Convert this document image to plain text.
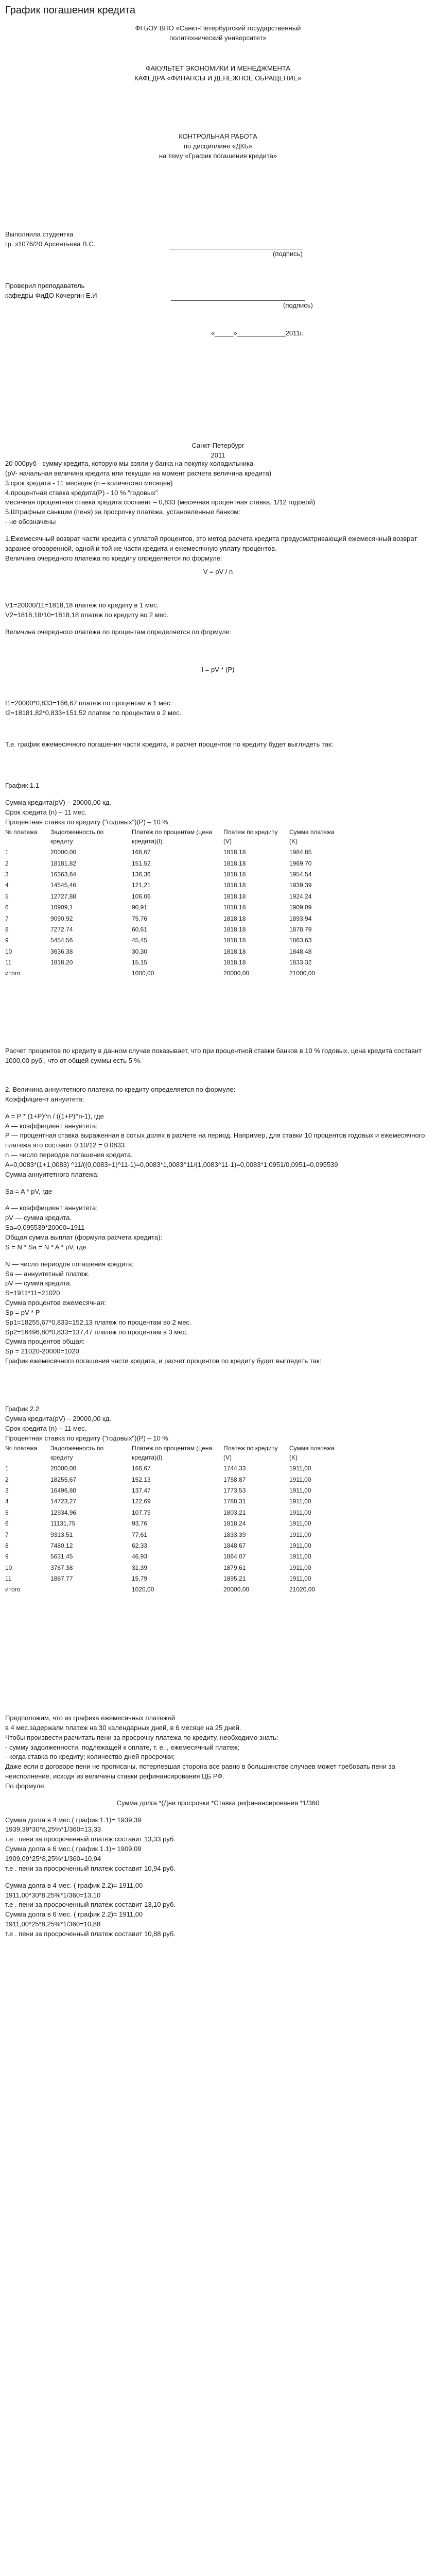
График погашения кредита

ФГБОУ ВПО «Санкт-Петербургский государственный политехнический университет»

ФАКУЛЬТЕТ ЭКОНОМИКИ И МЕНЕДЖМЕНТА

КАФЕДРА «ФИНАНСЫ И ДЕНЕЖНОЕ ОБРАЩЕНИЕ»

КОНТРОЛЬНАЯ РАБОТА

по дисциплине «ДКБ»

на тему «График погашения кредита»

Выполнила студентка

гр. з1076/20 Арсентьева В.С.

(подпись)

Проверил преподаватель

кафедры ФиДО Кочергин Е.И

(подпись)

«_____»_____________2011г.

Санкт-Петербург

2011

20 000руб - сумму кредита, которую мы взяли у банка на покупку холодильника

(pV- начальная величина кредита или текущая на момент расчета величина кредита)

3.срок кредита - 11 месяцев (n – количество месяцев)

4.процентная ставка кредита(Р) - 10 % "годовых"

месячная процентная ставка кредита составит – 0,833 (месячная процентная ставка, 1/12 годовой)

5.Штрафные санкции (пеня) за просрочку платежа, установленные банком:

- не обозначены

1.Ежемесячный возврат части кредита с уплатой процентов, это метод расчета кредита предусматривающий ежемесячный возврат заранее оговоренной, одной и той же части кредита и ежемесячную уплату процентов.

Величина очередного платежа по кредиту определяется по формуле:

V = pV / n

V1=20000/11=1818,18 платеж по кредиту в 1 мес.

V2=1818,18/10=1818,18 платеж по кредиту во 2 мес.

Величина очередного платежа по процентам определяется по формуле:

I = pV * (P)

I1=20000*0,833=166,67 платеж по процентам в 1 мес.

I2=18181,82*0,833=151,52 платеж по процентам в 2 мес.

Т.е. график ежемесячного погашения части кредита, и расчет процентов по кредиту будет выглядеть так:

График 1.1

Сумма кредита(pV) – 20000,00 кд.

Срок кредита (n) – 11 мес.

Процентная ставка по кредиту ("годовых")(Р) – 10 %

№ платежа	Задолженность по кредиту	Платеж по процентам (цена кредита)(I)	Платеж по кредиту (V)	Сумма платежа (K)
1	20000,00	166,67	1818.18	1984,85
2	18181,82	151,52	1818.18	1969,70
3	16363,64	136,36	1818.18	1954,54
4	14545,46	121,21	1818.18	1939,39
5	12727,88	106,06	1818.18	1924,24
6	10909,1	90,91	1818.18	1909,09
7	9090,92	75,76	1818.18	1893,94
8	7272,74	60,61	1818.18	1878,79
9	5454,56	45,45	1818.18	1863,63
10	3636,38	30,30	1818.18	1848,48
11	1818,20	15,15	1818.18	1833,32
итого		1000,00	20000,00	21000,00
Расчет процентов по кредиту в данном случае показывает, что при процентной ставки банков в 10 % годовых, цена кредита составит 1000,00 руб., что от общей суммы есть 5 %.

2. Величина аннуитетного платежа по кредиту определяется по формуле:

Коэффициент аннуитета:

A = P * (1+P)^n / ((1+P)^n-1), где

A — коэффициент аннуитета;

P — процентная ставка выраженная в сотых долях в расчете на период. Например, для ставки 10 процентов годовых и ежемесячного платежа это составит 0.10/12 = 0.0833

n — число периодов погашения кредита.

A=0,0083*(1+1,0083) ^11/((0,0083+1)^11-1)=0,0083*1,0083^11/(1,0083^11-1)=0,0083*1,0951/0,0951=0,095539

Сумма аннуитетного платежа:

Sa = A * pV, где

A — коэффициент аннуитета;

pV — сумма кредита.

Sa=0,095539*20000=1911

Общая сумма выплат (формула расчета кредита):

S = N * Sa = N * A * pV, где

N — число периодов погашения кредита;

Sa — аннуитетный платеж.

pV — сумма кредита.

S=1911*11=21020

Сумма процентов ежемесячная:

Sp = pV * P

Sp1=18255,67*0,833=152,13 платеж по процентам во 2 мес.

Sp2=16496,80*0,833=137,47 платеж по процентам в 3 мес.

Сумма процентов общая:

Sp = 21020-20000=1020

График ежемесячного погашения части кредита, и расчет процентов по кредиту будет выглядеть так:

График 2.2

Сумма кредита(pV) – 20000,00 кд.

Срок кредита (n) – 11 мес.

Процентная ставка по кредиту ("годовых")(Р) – 10 %

№ платежа	Задолженность по кредиту	Платеж по процентам (цена кредита)(I)	Платеж по кредиту (V)	Сумма платежа (K)
1	20000,00	166,67	1744,33	1911,00
2	18255,67	152,13	1758,87	1911,00
3	16496,80	137,47	1773,53	1911,00
4	14723,27	122,69	1788,31	1911,00
5	12934,96	107,79	1803,21	1911,00
6	11131,75	93,76	1818,24	1911,00
7	9313,51	77,61	1833,39	1911,00
8	7480,12	62,33	1848,67	1911,00
9	5631,45	46,93	1864,07	1911,00
10	3767,38	31,39	1879,61	1911,00
11	1887,77	15,79	1895,21	1911,00
итого		1020,00	20000,00	21020,00

Предположим, что из графика ежемесячных платежей

в 4 мес.задержали платеж на 30 календарных дней, в 6 месяце на 25 дней.

Чтобы произвести расчитать пени за просрочку платежа по кредиту, необходимо знать:

- сумму задолженности, подлежащей к оплате, т. е. , ежемесячный платеж;

- когда ставка по кредиту; количество дней просрочки;

Даже если в договоре пени не прописаны, потерпевшая сторона все равно в большинстве случаев может требовать пени за неисполнение, исходя из величины ставки рефинансирования ЦБ РФ.

По формуле:

Сумма долга *(Дни просрочки *Ставка рефинансирования *1/360

Сумма долга в 4 мес.( график 1.1)= 1939,39

1939,39*30*8,25%*1/360=13,33

т.е . пени за просроченный платеж составит 13,33 руб.

Сумма долга в 6 мес.( график 1.1)= 1909,09

1909,09*25*8,25%*1/360=10,94

т.е . пени за просроченный платеж составит 10,94 руб.

Сумма долга в 4 мес. ( график 2.2)= 1911,00

1911,00*30*8,25%*1/360=13,10

т.е . пени за просроченный платеж составит 13,10 руб.

Сумма долга в 6 мес. ( график 2.2)= 1911,00

1911,00*25*8,25%*1/360=10,88

т.е . пени за просроченный платеж составит 10,88 руб.
